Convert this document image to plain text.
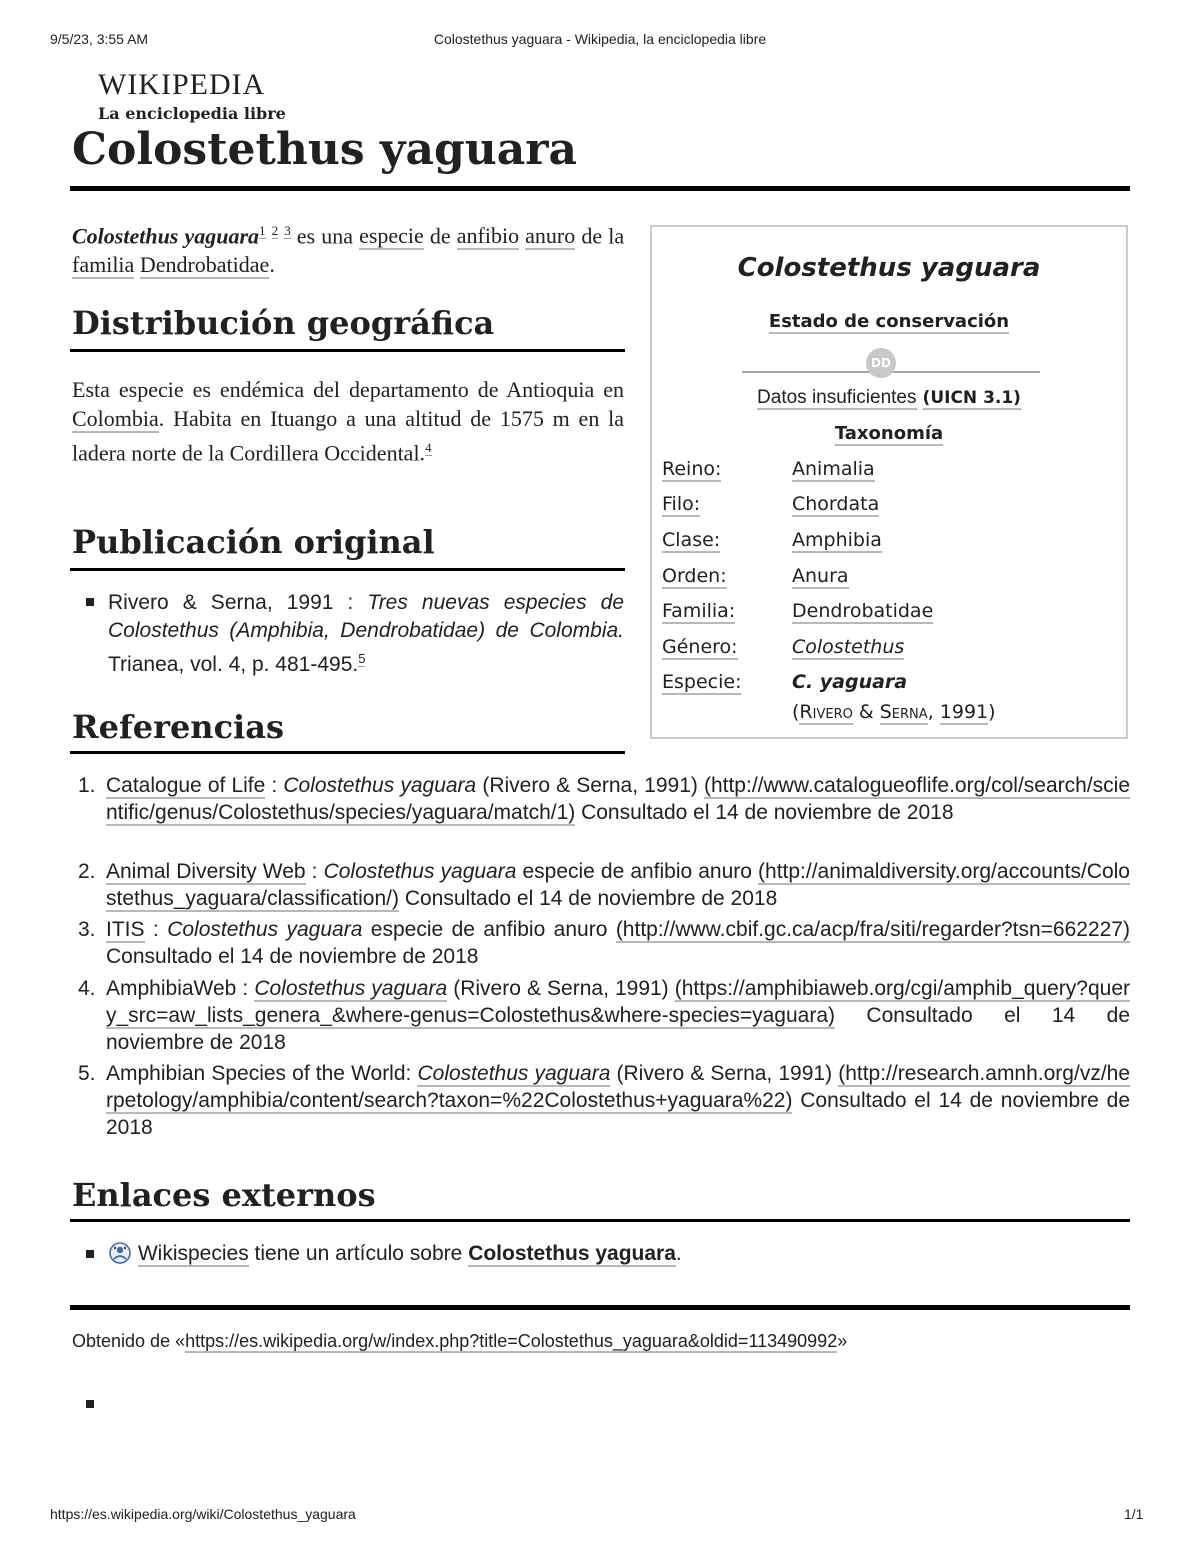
9/5/23, 3:55 AM	Colostethus yaguara - Wikipedia, la enciclopedia libre
WIKIPEDIA
La enciclopedia libre
Colostethus yaguara
Colostethus yaguara$^1$ $^2$ $^3$ es una especie de anfibio anuro de la familia Dendrobatidae.
Distribución geográfica
Esta especie es endémica del departamento de Antioquia en Colombia. Habita en Ituango a una altitud de 1575 m en la ladera norte de la Cordillera Occidental.$^4$
Publicación original
Rivero & Serna, 1991 : Tres nuevas especies de Colostethus (Amphibia, Dendrobatidae) de Colombia. Trianea, vol. 4, p. 481-495.$^5$
Referencias
1. Catalogue of Life : Colostethus yaguara (Rivero & Serna, 1991) (http://www.catalogueoflife.org/col/search/scientific/genus/Colostethus/species/yaguara/match/1) Consultado el 14 de noviembre de 2018
2. Animal Diversity Web : Colostethus yaguara especie de anfibio anuro (http://animaldiversity.org/accounts/Colostethus_yaguara/classification/) Consultado el 14 de noviembre de 2018
3. ITIS : Colostethus yaguara especie de anfibio anuro (http://www.cbif.gc.ca/acp/fra/siti/regarder?tsn=662227) Consultado el 14 de noviembre de 2018
4. AmphibiaWeb : Colostethus yaguara (Rivero & Serna, 1991) (https://amphibiaweb.org/cgi/amphib_query?query_src=aw_lists_genera_&where-genus=Colostethus&where-species=yaguara) Consultado el 14 de noviembre de 2018
5. Amphibian Species of the World: Colostethus yaguara (Rivero & Serna, 1991) (http://research.amnh.org/vz/herpetology/amphibia/content/search?taxon=%22Colostethus+yaguara%22) Consultado el 14 de noviembre de 2018
Enlaces externos
Wikispecies tiene un artículo sobre Colostethus yaguara.
Obtenido de «https://es.wikipedia.org/w/index.php?title=Colostethus_yaguara&oldid=113490992»
https://es.wikipedia.org/wiki/Colostethus_yaguara	1/1
Colostethus yaguara
Estado de conservación
DD
Datos insuficientes (UICN 3.1)
Taxonomía
Reino:	Animalia
Filo:	Chordata
Clase:	Amphibia
Orden:	Anura
Familia:	Dendrobatidae
Género:	Colostethus
Especie:	C. yaguara
(Rivero & Serna, 1991)
